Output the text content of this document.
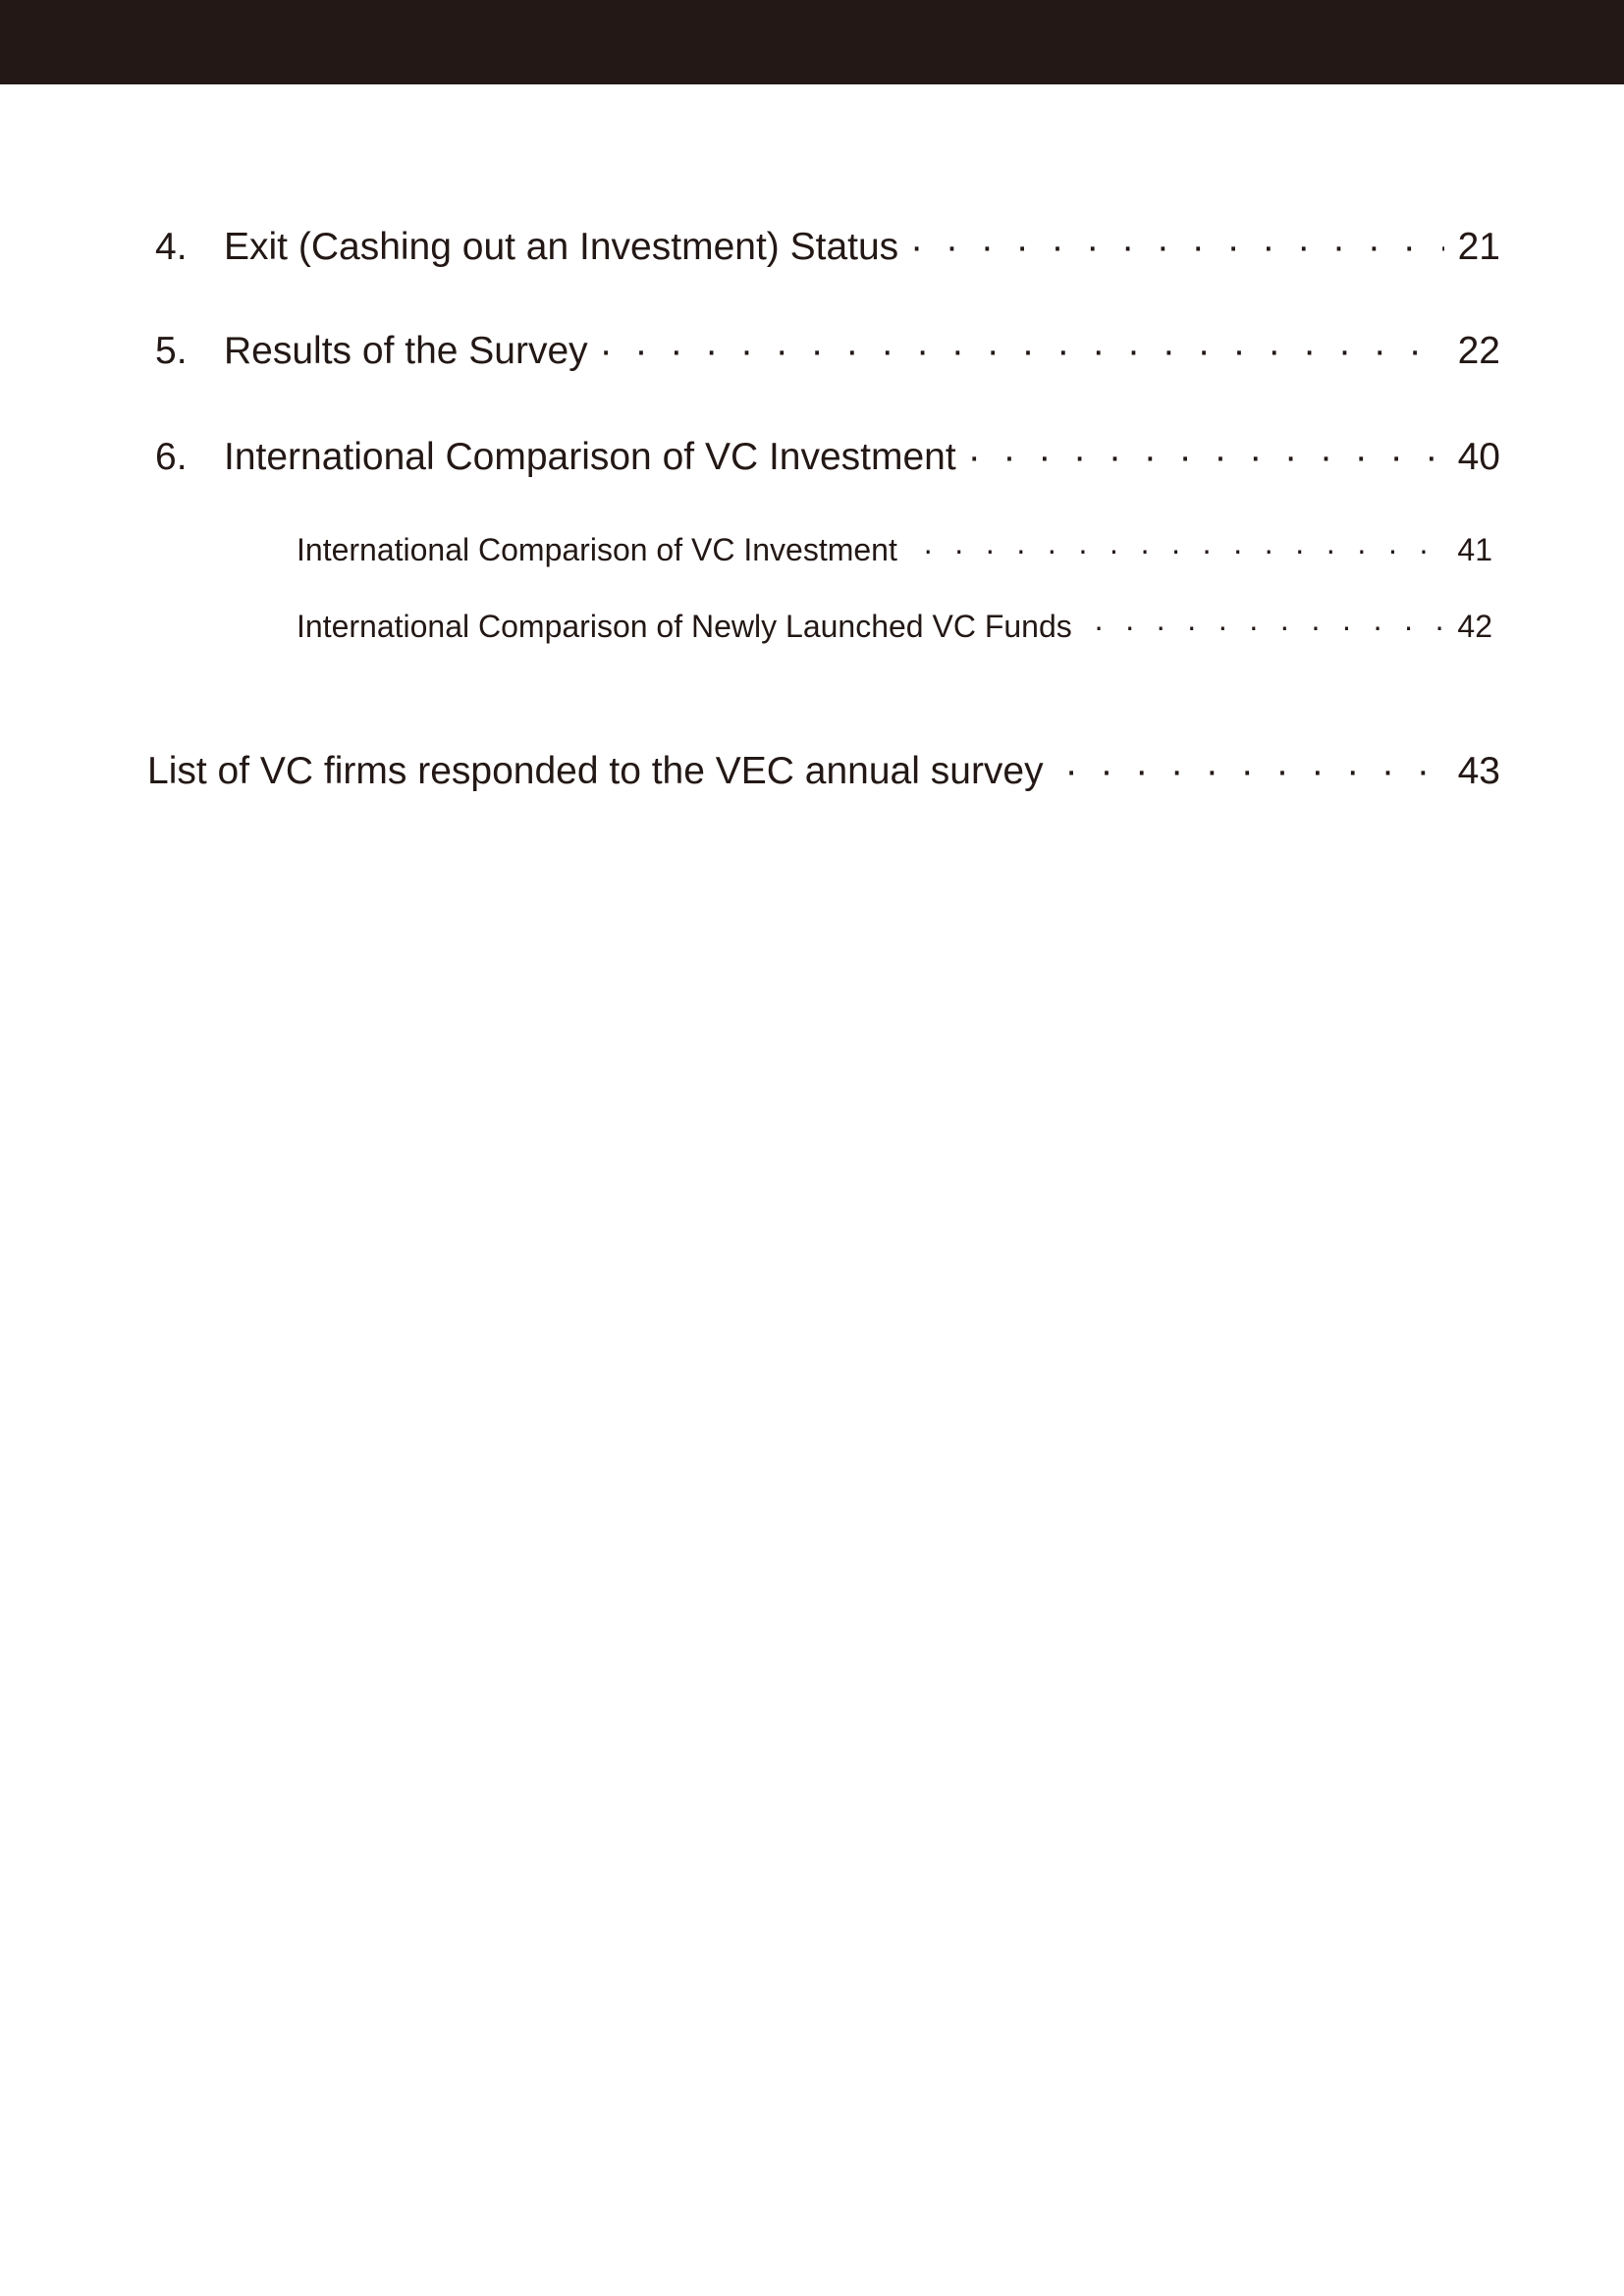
4. Exit (Cashing out an Investment) Status · · ·	21
5. Results of the Survey · · ·	22
6. International Comparison of VC Investment · · ·	40
International Comparison of VC Investment · · ·	41
International Comparison of Newly Launched VC Funds · · ·	42
List of VC firms responded to the VEC annual survey · · ·	43
